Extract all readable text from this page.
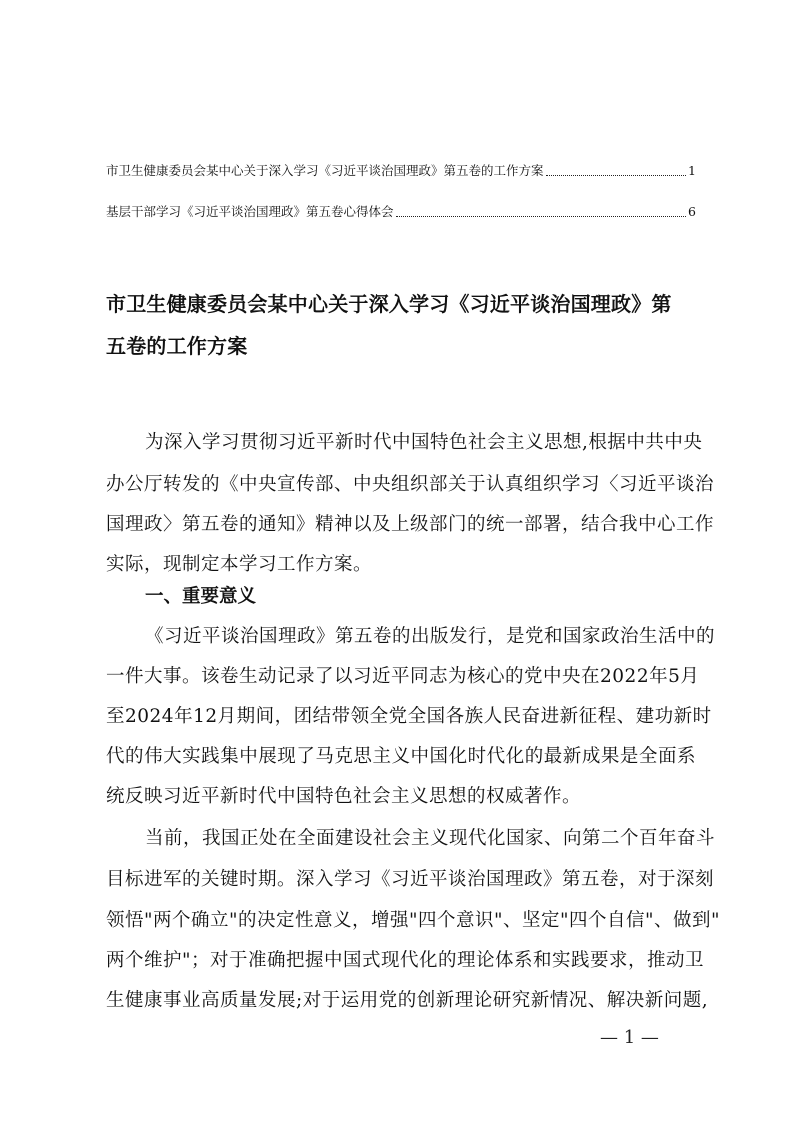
市卫生健康委员会某中心关于深入学习《习近平谈治国理政》第五卷的工作方案	1
基层干部学习《习近平谈治国理政》第五卷心得体会	6
市卫生健康委员会某中心关于深入学习《习近平谈治国理政》第
五卷的工作方案
为深入学习贯彻习近平新时代中国特色社会主义思想,根据中共中央
办公厅转发的《中央宣传部、中央组织部关于认真组织学习〈习近平谈治
国理政〉第五卷的通知》精神以及上级部门的统一部署，结合我中心工作
实际，现制定本学习工作方案。
一、重要意义
《习近平谈治国理政》第五卷的出版发行，是党和国家政治生活中的
一件大事。该卷生动记录了以习近平同志为核心的党中央在2022年5月
至2024年12月期间，团结带领全党全国各族人民奋进新征程、建功新时
代的伟大实践集中展现了马克思主义中国化时代化的最新成果是全面系
统反映习近平新时代中国特色社会主义思想的权威著作。
当前，我国正处在全面建设社会主义现代化国家、向第二个百年奋斗
目标进军的关键时期。深入学习《习近平谈治国理政》第五卷，对于深刻
领悟"两个确立"的决定性意义，增强"四个意识"、坚定"四个自信"、做到"
两个维护"；对于准确把握中国式现代化的理论体系和实践要求，推动卫
生健康事业高质量发展;对于运用党的创新理论研究新情况、解决新问题,
— 1 —
